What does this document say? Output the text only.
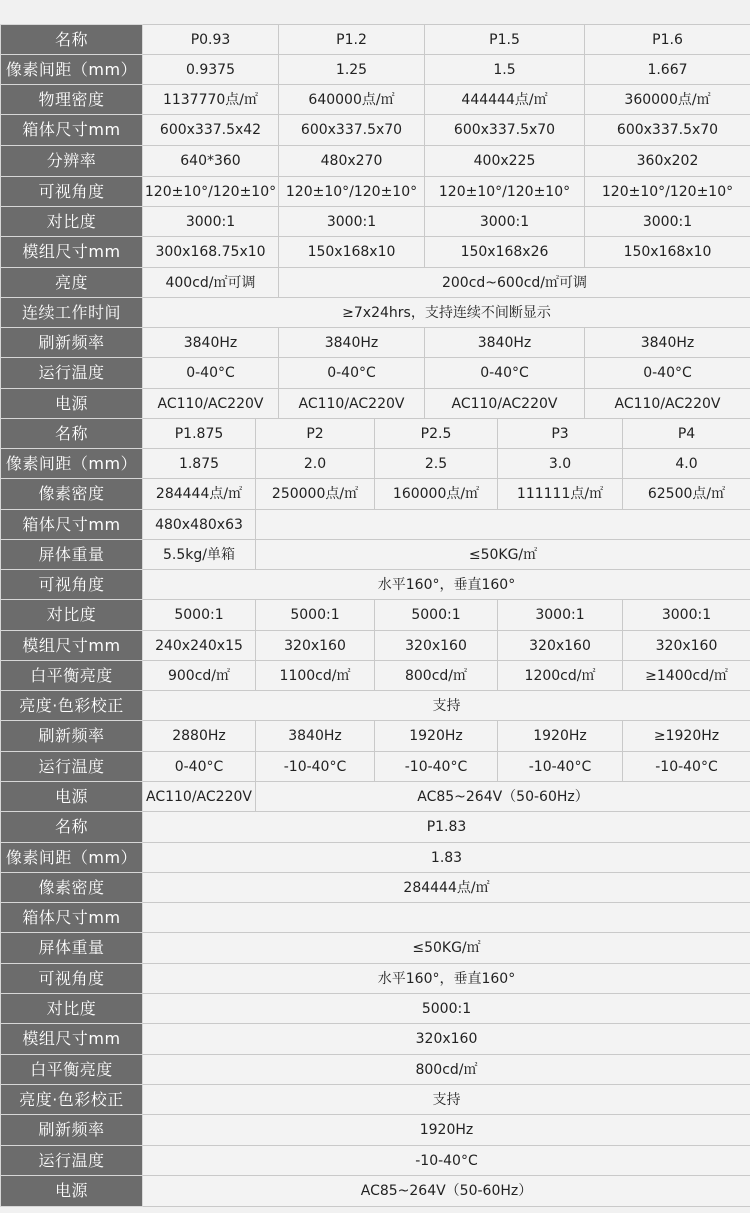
名称	P0.93		P1.2		P1.5		P1.6	
像素间距（mm）	0.9375		1.25		1.5		1.667	
物理密度	1137770点/㎡		640000点/㎡		444444点/㎡		360000点/㎡	
箱体尺寸mm	600x337.5x42		600x337.5x70		600x337.5x70		600x337.5x70	
分辨率	640*360		480x270		400x225		360x202	
可视角度	120±10°/120±10°		120±10°/120±10°		120±10°/120±10°		120±10°/120±10°	
对比度	3000:1		3000:1		3000:1		3000:1	
模组尺寸mm	300x168.75x10		150x168x10		150x168x26		150x168x10	
亮度	400cd/㎡可调		200cd~600cd/㎡可调					
连续工作时间	≥7x24hrs，支持连续不间断显示							
刷新频率	3840Hz		3840Hz		3840Hz		3840Hz	
运行温度	0-40°C		0-40°C		0-40°C		0-40°C	
电源	AC110/AC220V		AC110/AC220V		AC110/AC220V		AC110/AC220V	
名称	P1.875	P2		P2.5		P3		P4
像素间距（mm）	1.875	2.0		2.5		3.0		4.0
像素密度	284444点/㎡	250000点/㎡		160000点/㎡		111111点/㎡		62500点/㎡
箱体尺寸mm	480x480x63							
屏体重量	5.5kg/单箱	≤50KG/㎡						
可视角度	水平160°，垂直160°							
对比度	5000:1	5000:1		5000:1		3000:1		3000:1
模组尺寸mm	240x240x15	320x160		320x160		320x160		320x160
白平衡亮度	900cd/㎡	1100cd/㎡		800cd/㎡		1200cd/㎡		≥1400cd/㎡
亮度·色彩校正	支持							
刷新频率	2880Hz	3840Hz		1920Hz		1920Hz		≥1920Hz
运行温度	0-40°C	-10-40°C		-10-40°C		-10-40°C		-10-40°C
电源	AC110/AC220V	AC85~264V（50-60Hz）						
名称	P1.83							
像素间距（mm）	1.83							
像素密度	284444点/㎡							
箱体尺寸mm								
屏体重量	≤50KG/㎡							
可视角度	水平160°，垂直160°							
对比度	5000:1							
模组尺寸mm	320x160							
白平衡亮度	800cd/㎡							
亮度·色彩校正	支持							
刷新频率	1920Hz							
运行温度	-10-40°C							
电源	AC85~264V（50-60Hz）							
